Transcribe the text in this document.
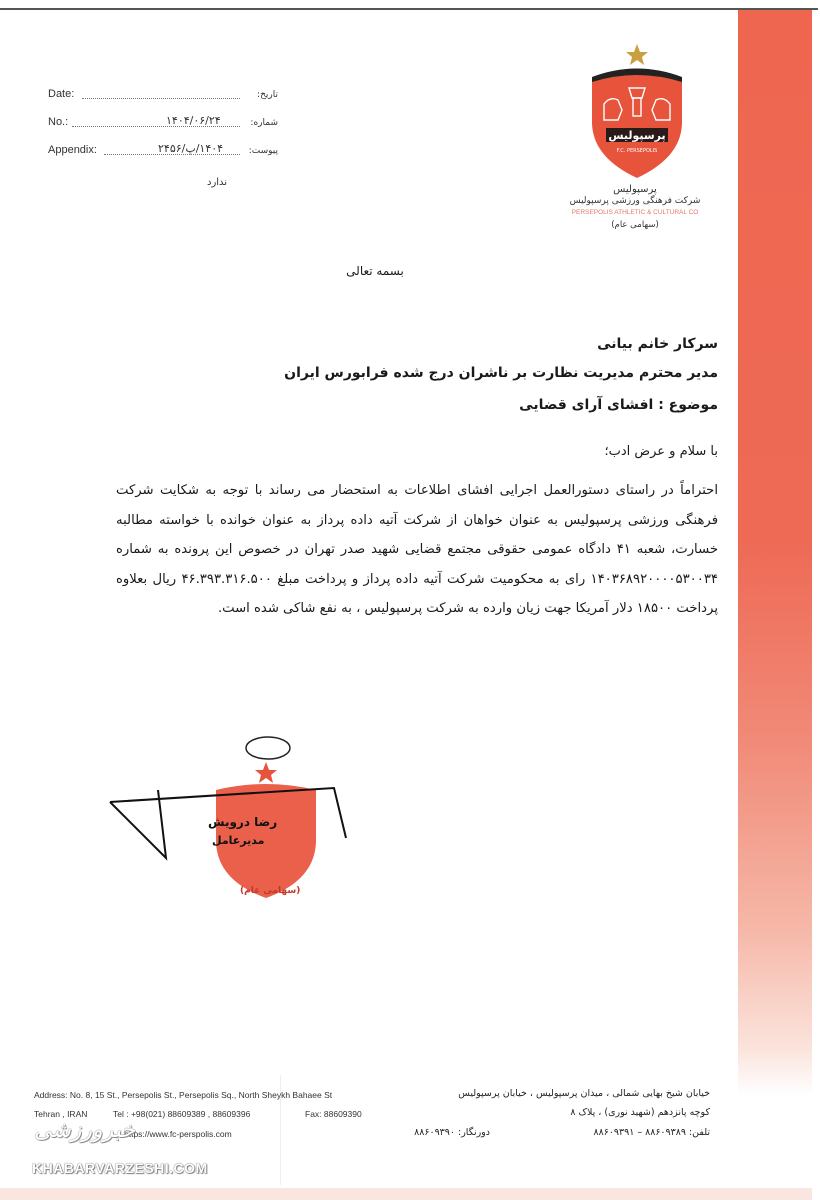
Date:	تاریخ:
No.:	۱۴۰۴/۰۶/۲۴	شماره:
Appendix:	۱۴۰۴/پ/۲۴۵۶	پیوست:
ندارد
پرسپولیس
F.C. PERSEPOLIS
پرسپولیس
شرکت فرهنگی ورزشی پرسپولیس
PERSEPOLIS ATHLETIC & CULTURAL CO
(سهامی عام)
بسمه تعالی
سرکار خانم بیانی
مدیر محترم مدیریت نظارت بر ناشران درج شده فرابورس ایران
موضوع : افشای آرای قضایی
با سلام و عرض ادب؛
احتراماً در راستای دستورالعمل اجرایی افشای اطلاعات به استحضار می رساند با توجه به شکایت شرکت فرهنگی ورزشی پرسپولیس به عنوان خواهان از شرکت آتیه داده پرداز به عنوان خوانده با خواسته مطالبه خسارت، شعبه ۴۱ دادگاه عمومی حقوقی مجتمع قضایی شهید صدر تهران در خصوص این پرونده به شماره ۱۴۰۳۶۸۹۲۰۰۰۰۵۳۰۰۳۴ رای به محکومیت شرکت آتیه داده پرداز و پرداخت مبلغ ۴۶.۳۹۳.۳۱۶.۵۰۰ ریال بعلاوه پرداخت ۱۸۵۰۰ دلار آمریکا جهت زیان وارده به شرکت پرسپولیس ، به نفع شاکی شده است.
رضا درویش
مدیرعامل
(سهامی عام)
Address: No. 8, 15 St., Persepolis St., Persepolis Sq., North Sheykh Bahaee St
Tehran , IRAN	Tel : +98(021) 88609389 , 88609396	Fax: 88609390
https://www.fc-perspolis.com
خیابان شیخ بهایی شمالی ، میدان پرسپولیس ، خیابان پرسپولیس
کوچه پانزدهم (شهید نوری) ، پلاک ۸
تلفن: ۸۸۶۰۹۳۸۹ – ۸۸۶۰۹۳۹۱
دورنگار: ۸۸۶۰۹۳۹۰
خبرورزشی
KHABARVARZESHI.COM
